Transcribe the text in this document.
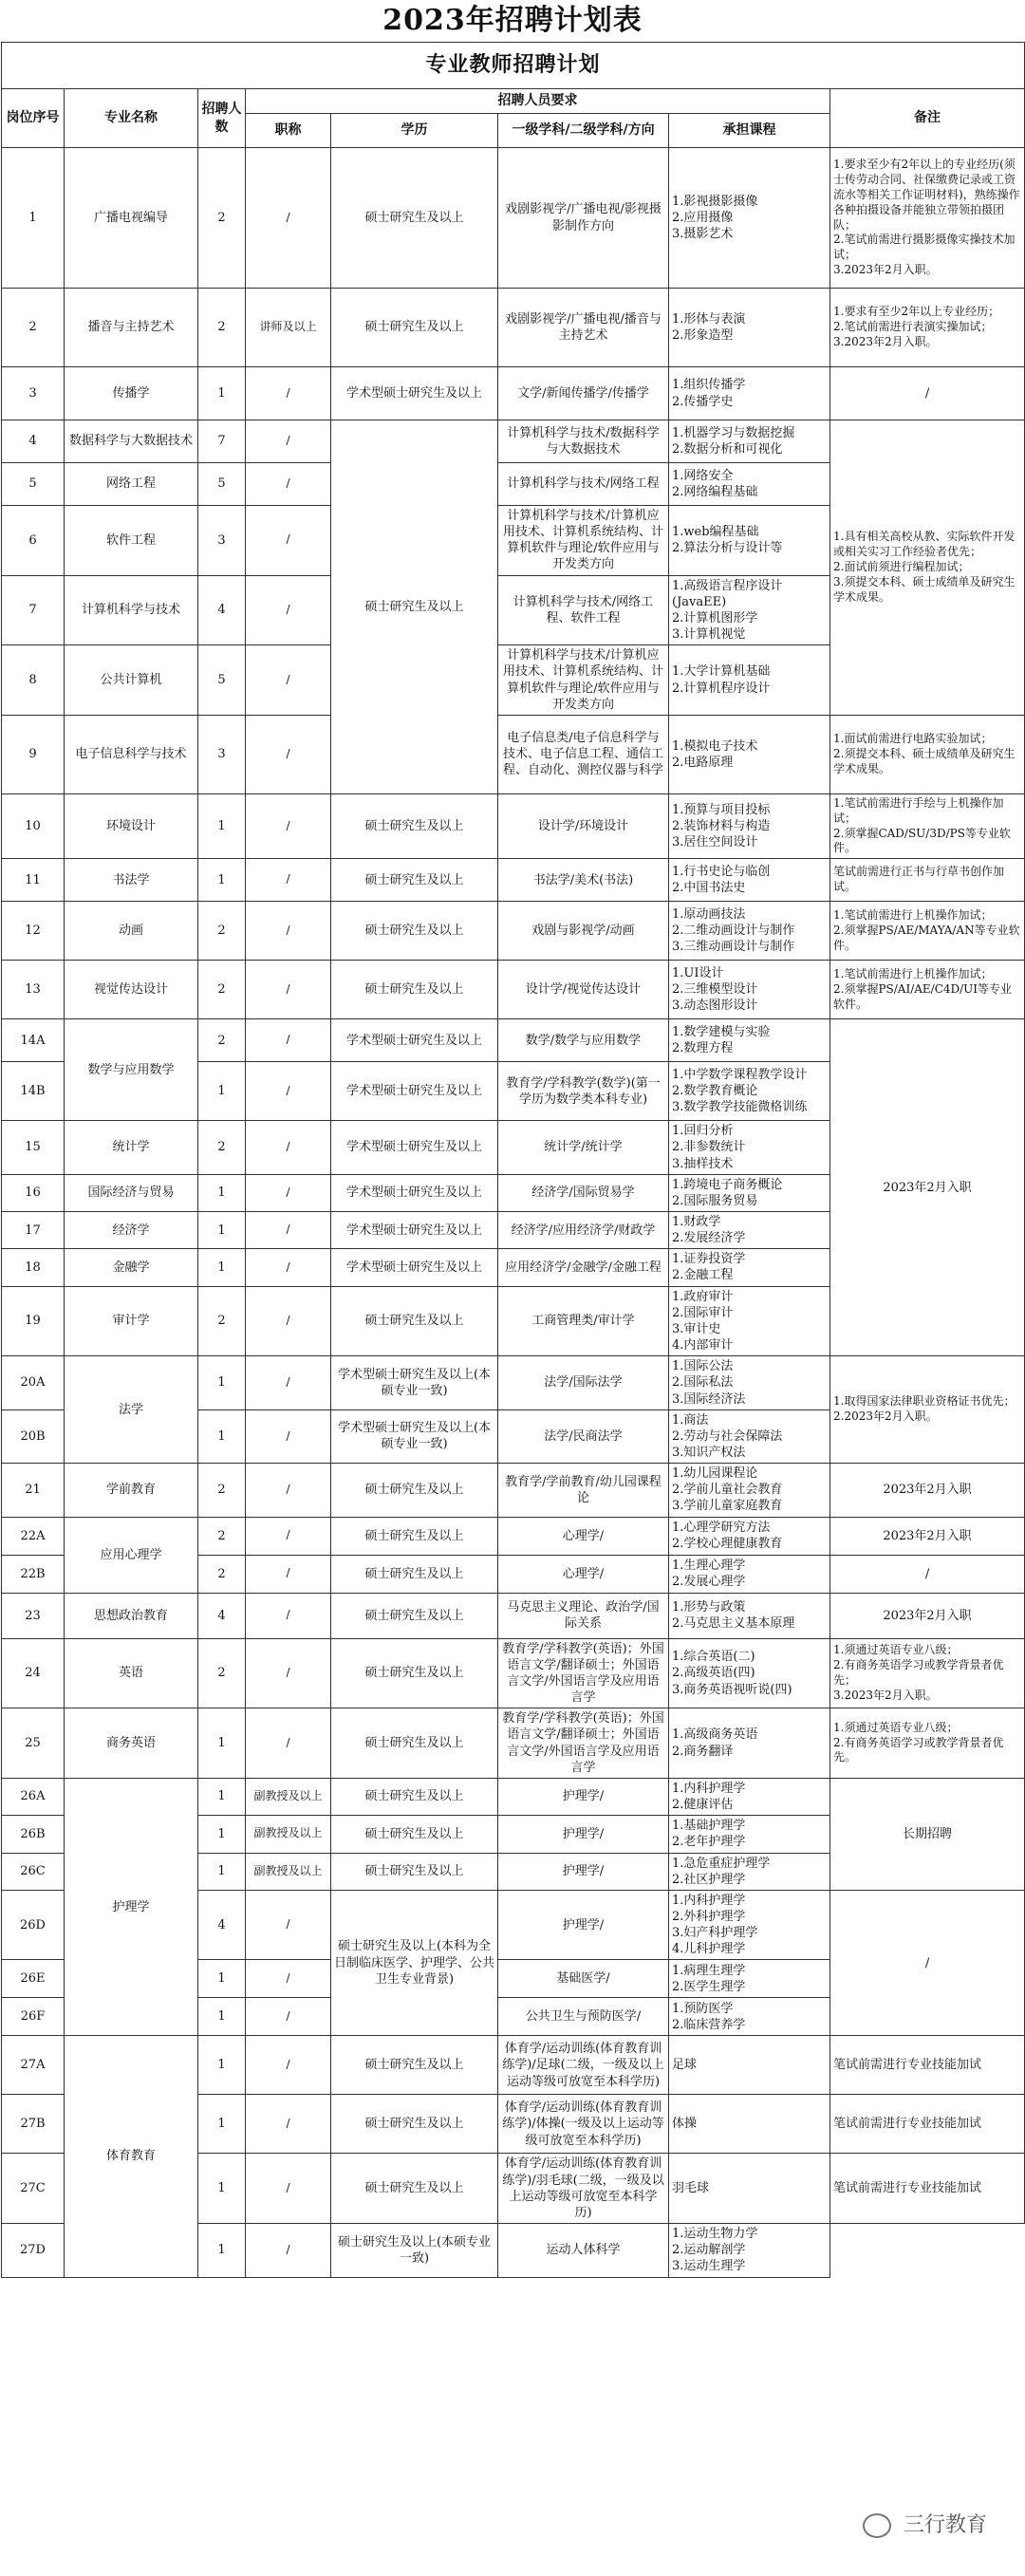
2023年招聘计划表
专业教师招聘计划								
岗位序号	专业名称	招聘人数	招聘人员要求				备注	
			职称	学历	一级学科/二级学科/方向	承担课程		
1	广播电视编导	2	/	硕士研究生及以上	戏剧影视学/广播电视/影视摄影制作方向	1.影视摄影摄像
2.应用摄像
3.摄影艺术	1.要求至少有2年以上的专业经历(须士传劳动合同、社保缴费记录或工资流水等相关工作证明材料)，熟练操作各种拍摄设备并能独立带领拍摄团队；
2.笔试前需进行摄影摄像实操技术加试；
3.2023年2月入职。	
2	播音与主持艺术	2	讲师及以上	硕士研究生及以上	戏剧影视学/广播电视/播音与主持艺术	1.形体与表演
2.形象造型	1.要求有至少2年以上专业经历；
2.笔试前需进行表演实操加试；
3.2023年2月入职。	
3	传播学	1	/	学术型硕士研究生及以上	文学/新闻传播学/传播学	1.组织传播学
2.传播学史	/	
4	数据科学与大数据技术	7	/	硕士研究生及以上	计算机科学与技术/数据科学与大数据技术	1.机器学习与数据挖掘
2.数据分析和可视化	1.具有相关高校从教、实际软件开发或相关实习工作经验者优先；
2.面试前须进行编程加试；
3.须提交本科、硕士成绩单及研究生学术成果。	
5	网络工程	5	/		计算机科学与技术/网络工程	1.网络安全
2.网络编程基础		
6	软件工程	3	/		计算机科学与技术/计算机应用技术、计算机系统结构、计算机软件与理论/软件应用与开发类方向	1.web编程基础
2.算法分析与设计等		
7	计算机科学与技术	4	/		计算机科学与技术/网络工程、软件工程	1.高级语言程序设计(JavaEE)
2.计算机图形学
3.计算机视觉		
8	公共计算机	5	/		计算机科学与技术/计算机应用技术、计算机系统结构、计算机软件与理论/软件应用与开发类方向	1.大学计算机基础
2.计算机程序设计		
9	电子信息科学与技术	3	/		电子信息类/电子信息科学与技术、电子信息工程、通信工程、自动化、测控仪器与科学	1.模拟电子技术
2.电路原理	1.面试前需进行电路实验加试；
2.须提交本科、硕士成绩单及研究生学术成果。	
10	环境设计	1	/	硕士研究生及以上	设计学/环境设计	1.预算与项目投标
2.装饰材料与构造
3.居住空间设计	1.笔试前需进行手绘与上机操作加试；
2.须掌握CAD/SU/3D/PS等专业软件。	
11	书法学	1	/	硕士研究生及以上	书法学/美术(书法)	1.行书史论与临创
2.中国书法史	笔试前需进行正书与行草书创作加试。	
12	动画	2	/	硕士研究生及以上	戏剧与影视学/动画	1.原动画技法
2.二维动画设计与制作
3.三维动画设计与制作	1.笔试前需进行上机操作加试；
2.须掌握PS/AE/MAYA/AN等专业软件。	
13	视觉传达设计	2	/	硕士研究生及以上	设计学/视觉传达设计	1.UI设计
2.三维模型设计
3.动态图形设计	1.笔试前需进行上机操作加试；
2.须掌握PS/AI/AE/C4D/UI等专业软件。	
14A	数学与应用数学	2	/	学术型硕士研究生及以上	数学/数学与应用数学	1.数学建模与实验
2.数理方程	2023年2月入职	
14B		1	/	学术型硕士研究生及以上	教育学/学科教学(数学)(第一学历为数学类本科专业)	1.中学数学课程教学设计
2.数学教育概论
3.数学教学技能微格训练		
15	统计学	2	/	学术型硕士研究生及以上	统计学/统计学	1.回归分析
2.非参数统计
3.抽样技术		
16	国际经济与贸易	1	/	学术型硕士研究生及以上	经济学/国际贸易学	1.跨境电子商务概论
2.国际服务贸易		
17	经济学	1	/	学术型硕士研究生及以上	经济学/应用经济学/财政学	1.财政学
2.发展经济学		
18	金融学	1	/	学术型硕士研究生及以上	应用经济学/金融学/金融工程	1.证券投资学
2.金融工程		
19	审计学	2	/	硕士研究生及以上	工商管理类/审计学	1.政府审计
2.国际审计
3.审计史
4.内部审计	
20A	法学	1	/	学术型硕士研究生及以上(本硕专业一致)	法学/国际法学	1.国际公法
2.国际私法
3.国际经济法	1.取得国家法律职业资格证书优先；
2.2023年2月入职。	
20B		1	/	学术型硕士研究生及以上(本硕专业一致)	法学/民商法学	1.商法
2.劳动与社会保障法
3.知识产权法		
21	学前教育	2	/	硕士研究生及以上	教育学/学前教育/幼儿园课程论	1.幼儿园课程论
2.学前儿童社会教育
3.学前儿童家庭教育	2023年2月入职	
22A	应用心理学	2	/	硕士研究生及以上	心理学/	1.心理学研究方法
2.学校心理健康教育	2023年2月入职	
22B		2	/	硕士研究生及以上	心理学/	1.生理心理学
2.发展心理学	/	
23	思想政治教育	4	/	硕士研究生及以上	马克思主义理论、政治学/国际关系	1.形势与政策
2.马克思主义基本原理	2023年2月入职	
24	英语	2	/	硕士研究生及以上	教育学/学科教学(英语)；外国语言文学/翻译硕士；外国语言文学/外国语言学及应用语言学	1.综合英语(二)
2.高级英语(四)
3.商务英语视听说(四)	1.须通过英语专业八级；
2.有商务英语学习或教学背景者优先；
3.2023年2月入职。	
25	商务英语	1	/	硕士研究生及以上	教育学/学科教学(英语)；外国语言文学/翻译硕士；外国语言文学/外国语言学及应用语言学	1.高级商务英语
2.商务翻译	1.须通过英语专业八级；
2.有商务英语学习或教学背景者优先。	
26A	护理学	1	副教授及以上	硕士研究生及以上	护理学/	1.内科护理学
2.健康评估	长期招聘	
26B		1	副教授及以上	硕士研究生及以上	护理学/	1.基础护理学
2.老年护理学		
26C		1	副教授及以上	硕士研究生及以上	护理学/	1.急危重症护理学
2.社区护理学		
26D		4	/	硕士研究生及以上(本科为全日制临床医学、护理学、公共卫生专业背景)	护理学/	1.内科护理学
2.外科护理学
3.妇产科护理学
4.儿科护理学	/	
26E		1	/		基础医学/	1.病理生理学
2.医学生理学		
26F		1	/		公共卫生与预防医学/	1.预防医学
2.临床营养学		
27A	体育教育	1	/	硕士研究生及以上	体育学/运动训练(体育教育训练学)/足球(二级，一级及以上运动等级可放宽至本科学历)	足球	笔试前需进行专业技能加试	
27B		1	/	硕士研究生及以上	体育学/运动训练(体育教育训练学)/体操(一级及以上运动等级可放宽至本科学历)	体操	笔试前需进行专业技能加试	
27C		1	/	硕士研究生及以上	体育学/运动训练(体育教育训练学)/羽毛球(二级，一级及以上运动等级可放宽至本科学历)	羽毛球	笔试前需进行专业技能加试	
27D		1	/	硕士研究生及以上(本硕专业一致)	运动人体科学	1.运动生物力学
2.运动解剖学
3.运动生理学		
三行教育
